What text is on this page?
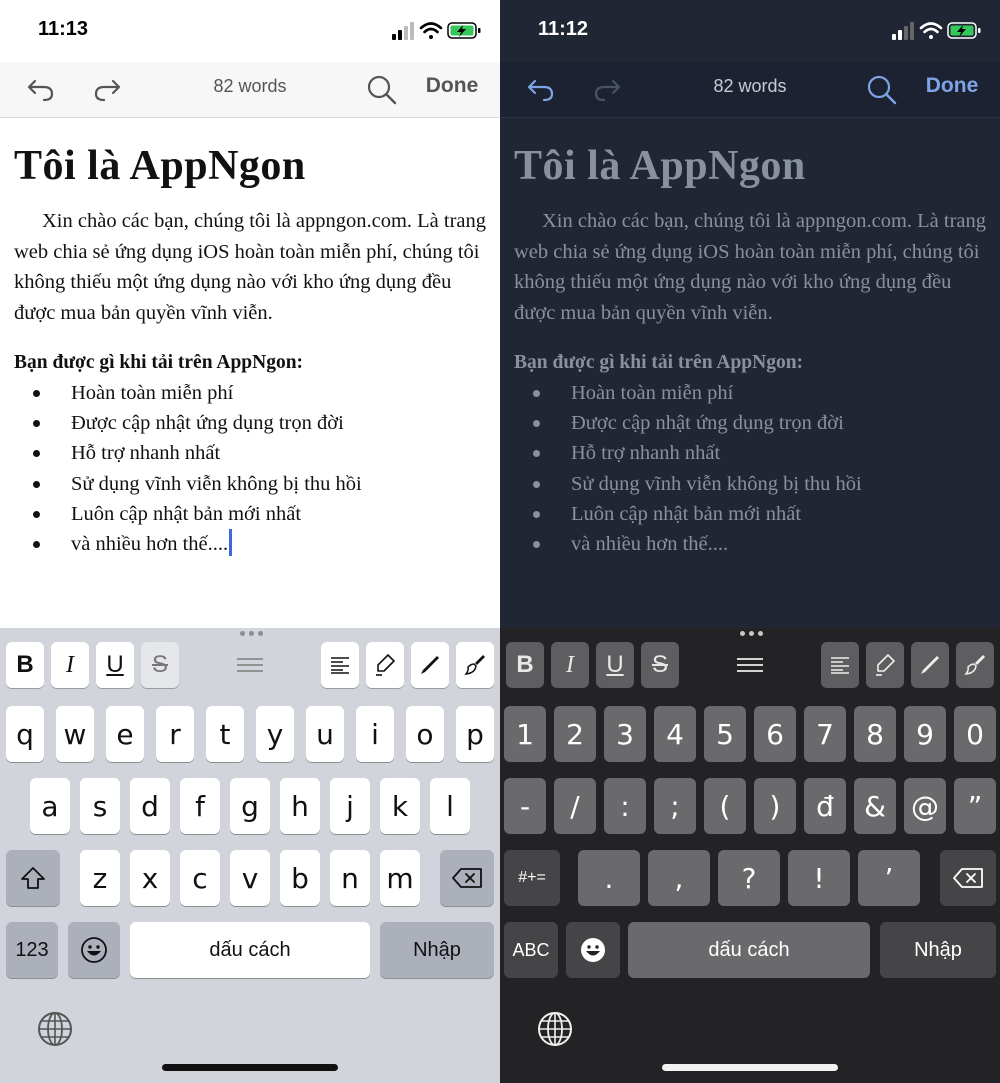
11:13
82 words	Done
Tôi là AppNgon

Xin chào các bạn, chúng tôi là appngon.com. Là trang web chia sẻ ứng dụng iOS hoàn toàn miễn phí, chúng tôi không thiếu một ứng dụng nào với kho ứng dụng đều được mua bản quyền vĩnh viễn.

Bạn được gì khi tải trên AppNgon:

Hoàn toàn miễn phí
Được cập nhật ứng dụng trọn đời
Hỗ trợ nhanh nhất
Sử dụng vĩnh viễn không bị thu hồi
Luôn cập nhật bản mới nhất
và nhiều hơn thế....
B	I	U	S
q	w	e	r	t	y	u	i	o	p
a	s	d	f	g	h	j	k	l
z	x	c	v	b	n m
123	dấu cách	Nhập
11:12
82 words	Done
Tôi là AppNgon

Xin chào các bạn, chúng tôi là appngon.com. Là trang web chia sẻ ứng dụng iOS hoàn toàn miễn phí, chúng tôi không thiếu một ứng dụng nào với kho ứng dụng đều được mua bản quyền vĩnh viễn.

Bạn được gì khi tải trên AppNgon:

Hoàn toàn miễn phí
Được cập nhật ứng dụng trọn đời
Hỗ trợ nhanh nhất
Sử dụng vĩnh viễn không bị thu hồi
Luôn cập nhật bản mới nhất
và nhiều hơn thế....
B	I	U	S
1	2	3	4	5	6	7	8	9	0
-	/	:	;	(	)	đ	& @	”
#+=	.	,	?	!	’
ABC	dấu cách	Nhập
